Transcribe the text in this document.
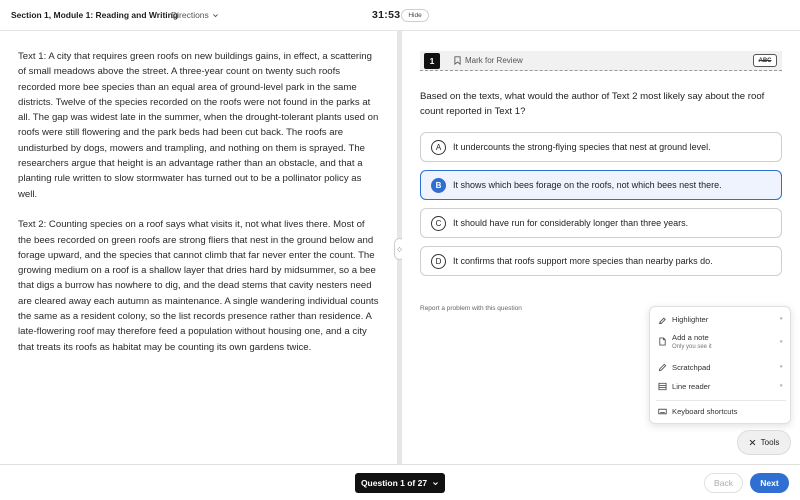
Section 1, Module 1: Reading and Writing
Directions	31:53	Hide

Text 1: A city that requires green roofs on new buildings gains, in effect, a scattering of small meadows above the street. A three-year count on twenty such roofs recorded more bee species than an equal area of ground-level park in the same districts. Twelve of the species recorded on the roofs were not found in the parks at all. The gap was widest late in the summer, when the drought-tolerant plants used on roofs were still flowering and the park beds had been cut back. The roofs are undisturbed by dogs, mowers and trampling, and nothing on them is sprayed. The researchers argue that height is an advantage rather than an obstacle, and that a planting rule written to slow stormwater has turned out to be a pollinator policy as well.

Text 2: Counting species on a roof says what visits it, not what lives there. Most of the bees recorded on green roofs are strong fliers that nest in the ground below and forage upward, and the species that cannot climb that far never enter the count. The growing medium on a roof is a shallow layer that dries hard by midsummer, so a bee that digs a burrow has nowhere to dig, and the dead stems that cavity nesters need are cleared away each autumn as maintenance. A single wandering individual counts the same as a resident colony, so the list records presence rather than residence. A late-flowering roof may therefore feed a population without housing one, and a city that treats its roofs as habitat may be counting its own gardens twice.

◇
1	Mark for Review	ABC
Based on the texts, what would the author of Text 2 most likely say about the roof count reported in Text 1?
A	It undercounts the strong-flying species that nest at ground level.
B	It shows which bees forage on the roofs, not which bees nest there.
C	It should have run for considerably longer than three years.
D	It confirms that roofs support more species than nearby parks do.
Report a problem with this question
Highlighter	●
Add a note
Only you see it
●
Scratchpad	●
Line reader	●
Keyboard shortcuts
Tools
Question 1 of 27	Back	Next
